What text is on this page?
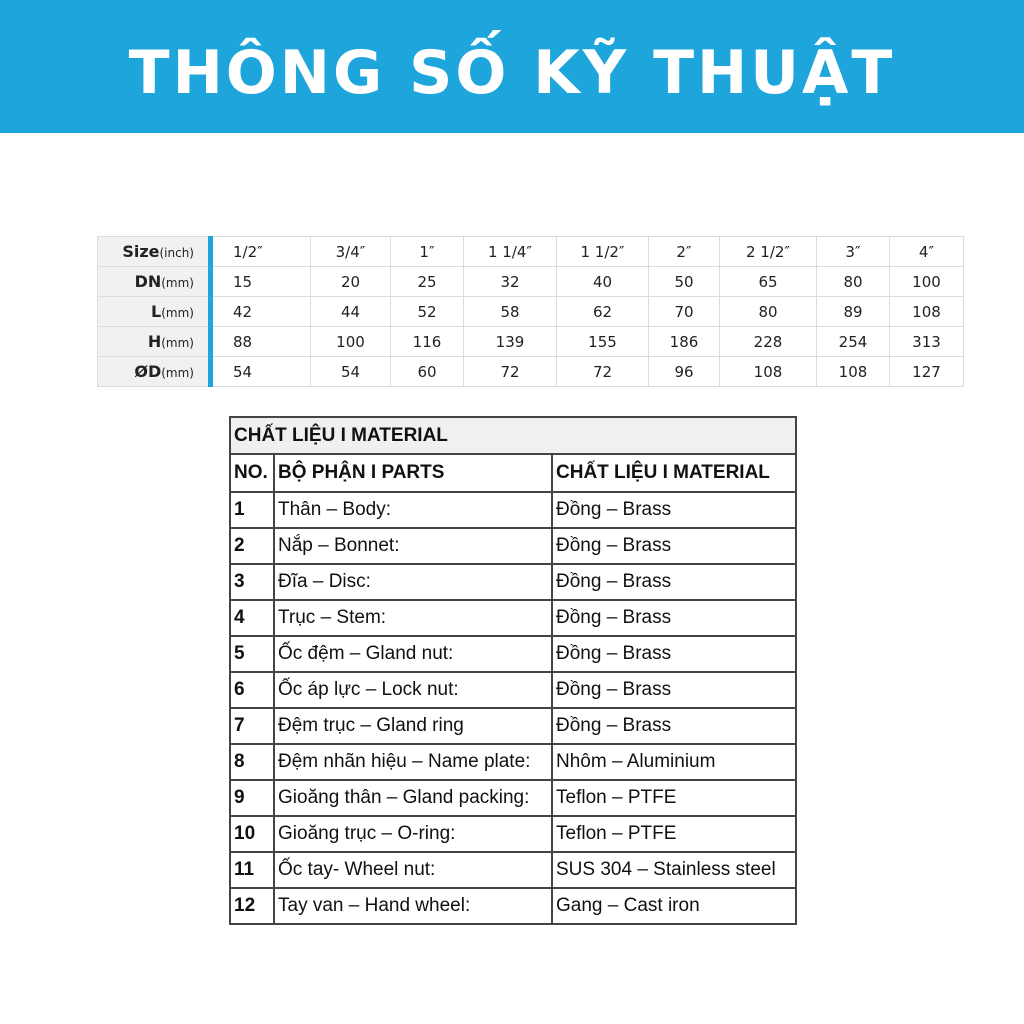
THÔNG SỐ KỸ THUẬT
Size(inch)	1/2″	3/4″	1″	1 1/4″	1 1/2″	2″	2 1/2″	3″	4″
DN(mm)	15	20	25	32	40	50	65	80	100
L(mm)	42	44	52	58	62	70	80	89	108
H(mm)	88	100	116	139	155	186	228	254	313
ØD(mm)	54	54	60	72	72	96	108	108	127
CHẤT LIỆU I MATERIAL		
NO.	BỘ PHẬN I PARTS	CHẤT LIỆU I MATERIAL
1	Thân – Body:	Đồng – Brass
2	Nắp – Bonnet:	Đồng – Brass
3	Đĩa – Disc:	Đồng – Brass
4	Trục – Stem:	Đồng – Brass
5	Ốc đệm – Gland nut:	Đồng – Brass
6	Ốc áp lực – Lock nut:	Đồng – Brass
7	Đệm trục – Gland ring	Đồng – Brass
8	Đệm nhãn hiệu – Name plate:	Nhôm – Aluminium
9	Gioăng thân – Gland packing:	Teflon – PTFE
10	Gioăng trục – O-ring:	Teflon – PTFE
11	Ốc tay- Wheel nut:	SUS 304 – Stainless steel
12	Tay van – Hand wheel:	Gang – Cast iron
